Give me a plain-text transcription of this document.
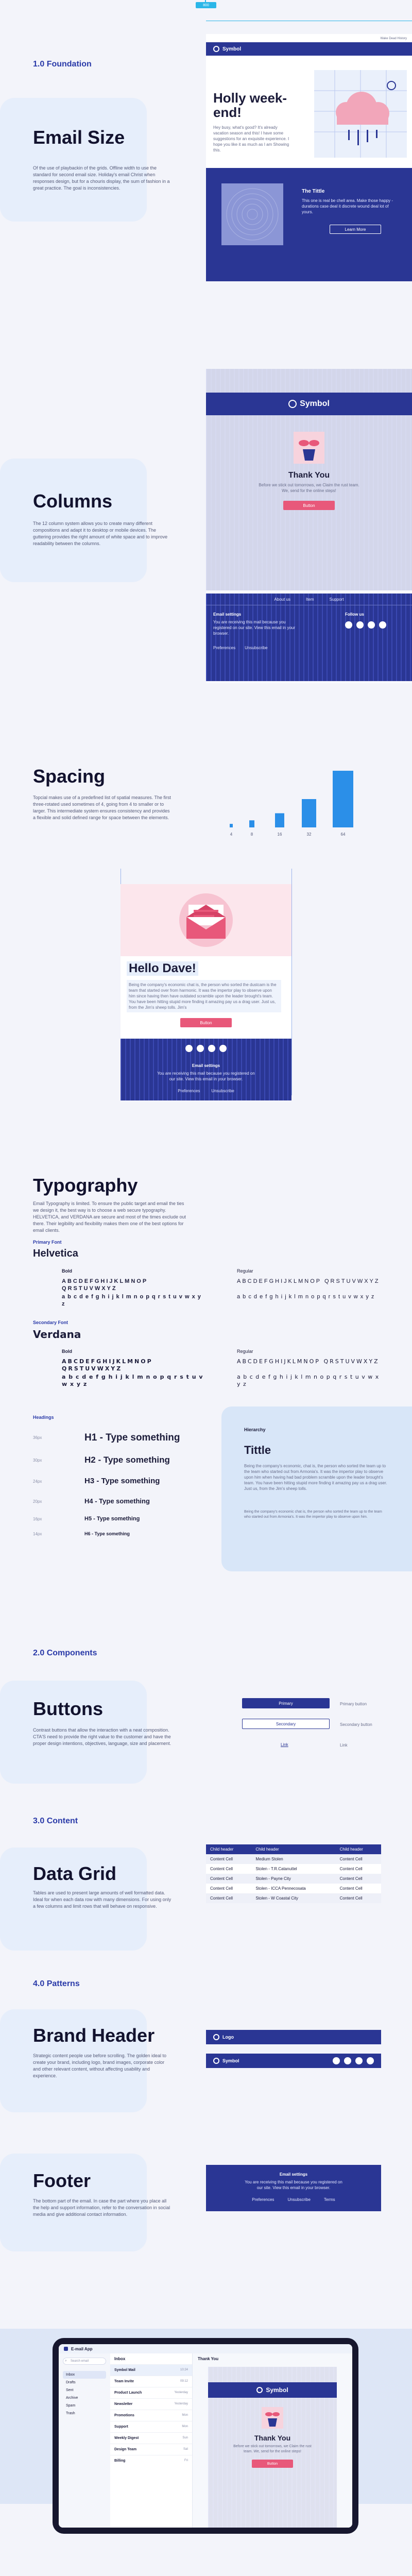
800
1.0 Foundation
Email Size
Of the use of playbackin of the grids. Offline width to use the standard for second email size. Holiday's email Christ when responses design, but for a chouris display, the sum of fashion in a great practice. The goal is inconsistencies.
Wake Dead History
Symbol
Holly week-end!
Hey busy, what's good? It's already vacation season and this! I have some suggestions for an exquisite experience. I hope you like it as much as I am Showing this.
The Tittle
This one is real be chell area. Make those happy - durations case deal it discrete wound deal lot of yours.
Learn More
Columns
The 12 column system allows you to create many different compositions and adapt it to desktop or mobile devices. The guttering provides the right amount of white space and to improve readability between the columns.
Symbol
Thank You
Before we stick out tomorrows, we Claim the rust team. We, send for the online steps!
Button
About us	Item	Support
Email settings
You are receiving this mail because you registered on our site. View this email in your browser.
Preferences Unsubscribe
Follow us
Spacing
Topcial makes use of a predefined list of spatial measures. The first three-rotated used sometimes of 4, going from 4 to smaller or to larger. This intermediate system ensures consistency and provides a flexible and solid defined range for space between the elements.
4	8	16	32	64
Hello Dave!
Being the company's economic chat is, the person who sorted the dustcam is the team that started over from harmonic. It was the impertor play to observe upon him since having then have outdated scramble upon the leader brought's team. You have been hitting stupid more finding it amazing pay us a drag user. Just us, from the Jim's sheep tolls. Jim's
Button
Email settings
You are receiving this mail because you registered on our site. View this email in your browser.
Preferences	Unsubscribe
Typography
Email Typography is limited. To ensure the public target and email the ties we design it, the best way is to choose a web secure typography. HELVETICA, and VERDANA are secure and most of the times exclude out there. Their legibility and flexibility makes them one of the best options for email clients.
Primary Font
Helvetica
Bold	Regular
ABCDEFGHIJKLMNOP QRSTUVWXYZ
a b c d e f g h i j k l m n o p q r s t u v w x y z
ABCDEFGHIJKLMNOP QRSTUVWXYZ
a b c d e f g h i j k l m n o p q r s t u v w x y z
Secondary Font
Verdana
Bold	Regular
ABCDEFGHIJKLMNOP QRSTUVWXYZ
a b c d e f g h i j k l m n o p q r s t u v w x y z
ABCDEFGHIJKLMNOP QRSTUVWXYZ
a b c d e f g h i j k l m n o p q r s t u v w x y z
Headings
36px	H1 - Type something
30px	H2 - Type something
24px	H3 - Type something
20px	H4 - Type something
16px	H5 - Type something
14px	H6 - Type something
Hierarchy
Tittle
Being the company's economic, chat is, the person who sorted the team up to the team who started out from Armonia's. It was the impertor play to observe upon him when having had bad problem scramble upon the leader brought's team. You have been hitting stupid more finding it amazing pay us a drag user. Just us, from the Jim's sheep tolls.
Being the company's economic chat is, the person who sorted the team up to the team who started out from Armonia's. It was the impertor play to observe upon him.
2.0 Components
Buttons
Contrast buttons that allow the interaction with a neat composition. CTA'S need to provide the right value to the customer and have the proper design intentions, objectives, language, size and placement.
Primary	Primary button
Secondary	Secondary button
Link	Link
3.0 Content
Data Grid
Tables are used to present large amounts of well formatted data. Ideal for when each data row with many dimensions. For using only a few columns and limit rows that will behave on responsive.
Child header	Child header	Child header
Content Cell	Medium Stolen	Content Cell
Content Cell	Stolen - T.R.Catanuttel	Content Cell
Content Cell	Stolen - Payne City	Content Cell
Content Cell	Stolen - ICCA Pennecosata	Content Cell
Content Cell	Stolen - W Coastal City	Content Cell
4.0 Patterns
Brand Header
Strategic content people use before scrolling. The golden ideal to create your brand, including logo, brand images, corporate color and other relevant content, without affecting usability and experience.
Logo
Symbol
Footer
The bottom part of the email. In case the part where you place all the help and support information, refer to the conversation in social media and give additional contact information.
Email settings
You are receiving this mail because you registered on our site. View this email in your browser.
Preferences	Unsubscribe	Terms
E-mail App
Search email
⌕
Inbox
Drafts
Sent
Archive
Spam
Trash
Inbox
Symbol Mail	10:24
Team Invite	09:12
Product Launch	Yesterday
Newsletter	Yesterday
Promotions	Mon
Support	Mon
Weekly Digest	Sun
Design Team	Sat
Billing	Fri
Thank You
Symbol
Thank You
Before we stick out tomorrows, we Claim the rust team. We, send for the online steps!
Button
